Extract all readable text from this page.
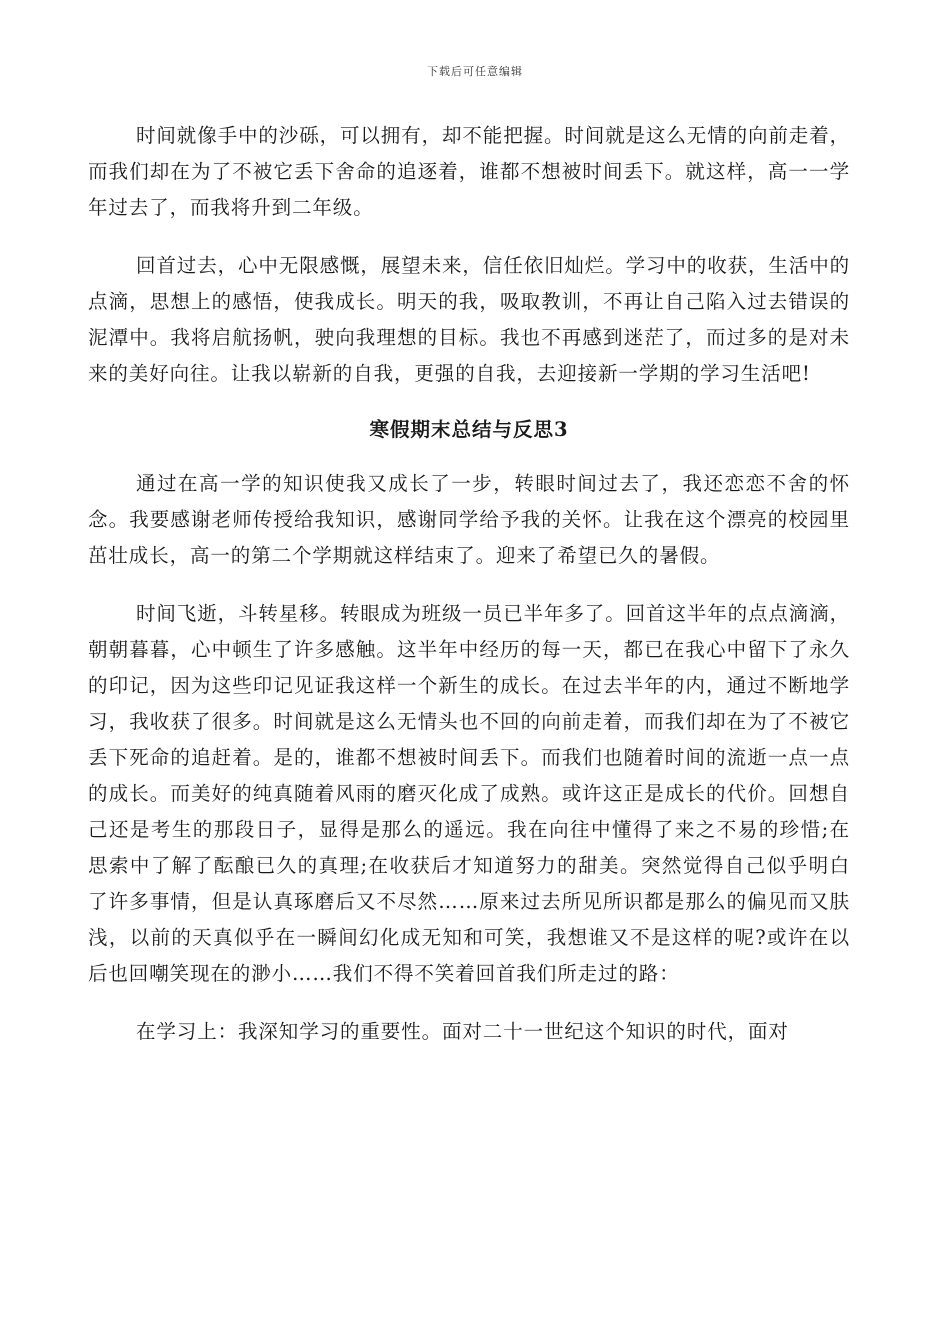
下载后可任意编辑

时间就像手中的沙砾，可以拥有，却不能把握。时间就是这么无情的向前走着，而我们却在为了不被它丢下舍命的追逐着，谁都不想被时间丢下。就这样，高一一学年过去了，而我将升到二年级。

回首过去，心中无限感慨，展望未来，信任依旧灿烂。学习中的收获，生活中的点滴，思想上的感悟，使我成长。明天的我，吸取教训，不再让自己陷入过去错误的泥潭中。我将启航扬帆，驶向我理想的目标。我也不再感到迷茫了，而过多的是对未来的美好向往。让我以崭新的自我，更强的自我，去迎接新一学期的学习生活吧!

寒假期末总结与反思3

通过在高一学的知识使我又成长了一步，转眼时间过去了，我还恋恋不舍的怀念。我要感谢老师传授给我知识，感谢同学给予我的关怀。让我在这个漂亮的校园里茁壮成长，高一的第二个学期就这样结束了。迎来了希望已久的暑假。

时间飞逝，斗转星移。转眼成为班级一员已半年多了。回首这半年的点点滴滴，朝朝暮暮，心中顿生了许多感触。这半年中经历的每一天，都已在我心中留下了永久的印记，因为这些印记见证我这样一个新生的成长。在过去半年的内，通过不断地学习，我收获了很多。时间就是这么无情头也不回的向前走着，而我们却在为了不被它丢下死命的追赶着。是的，谁都不想被时间丢下。而我们也随着时间的流逝一点一点的成长。而美好的纯真随着风雨的磨灭化成了成熟。或许这正是成长的代价。回想自己还是考生的那段日子，显得是那么的遥远。我在向往中懂得了来之不易的珍惜;在思索中了解了酝酿已久的真理;在收获后才知道努力的甜美。突然觉得自己似乎明白了许多事情，但是认真琢磨后又不尽然……原来过去所见所识都是那么的偏见而又肤浅，以前的天真似乎在一瞬间幻化成无知和可笑，我想谁又不是这样的呢?或许在以后也回嘲笑现在的渺小……我们不得不笑着回首我们所走过的路：

在学习上：我深知学习的重要性。面对二十一世纪这个知识的时代，面对
